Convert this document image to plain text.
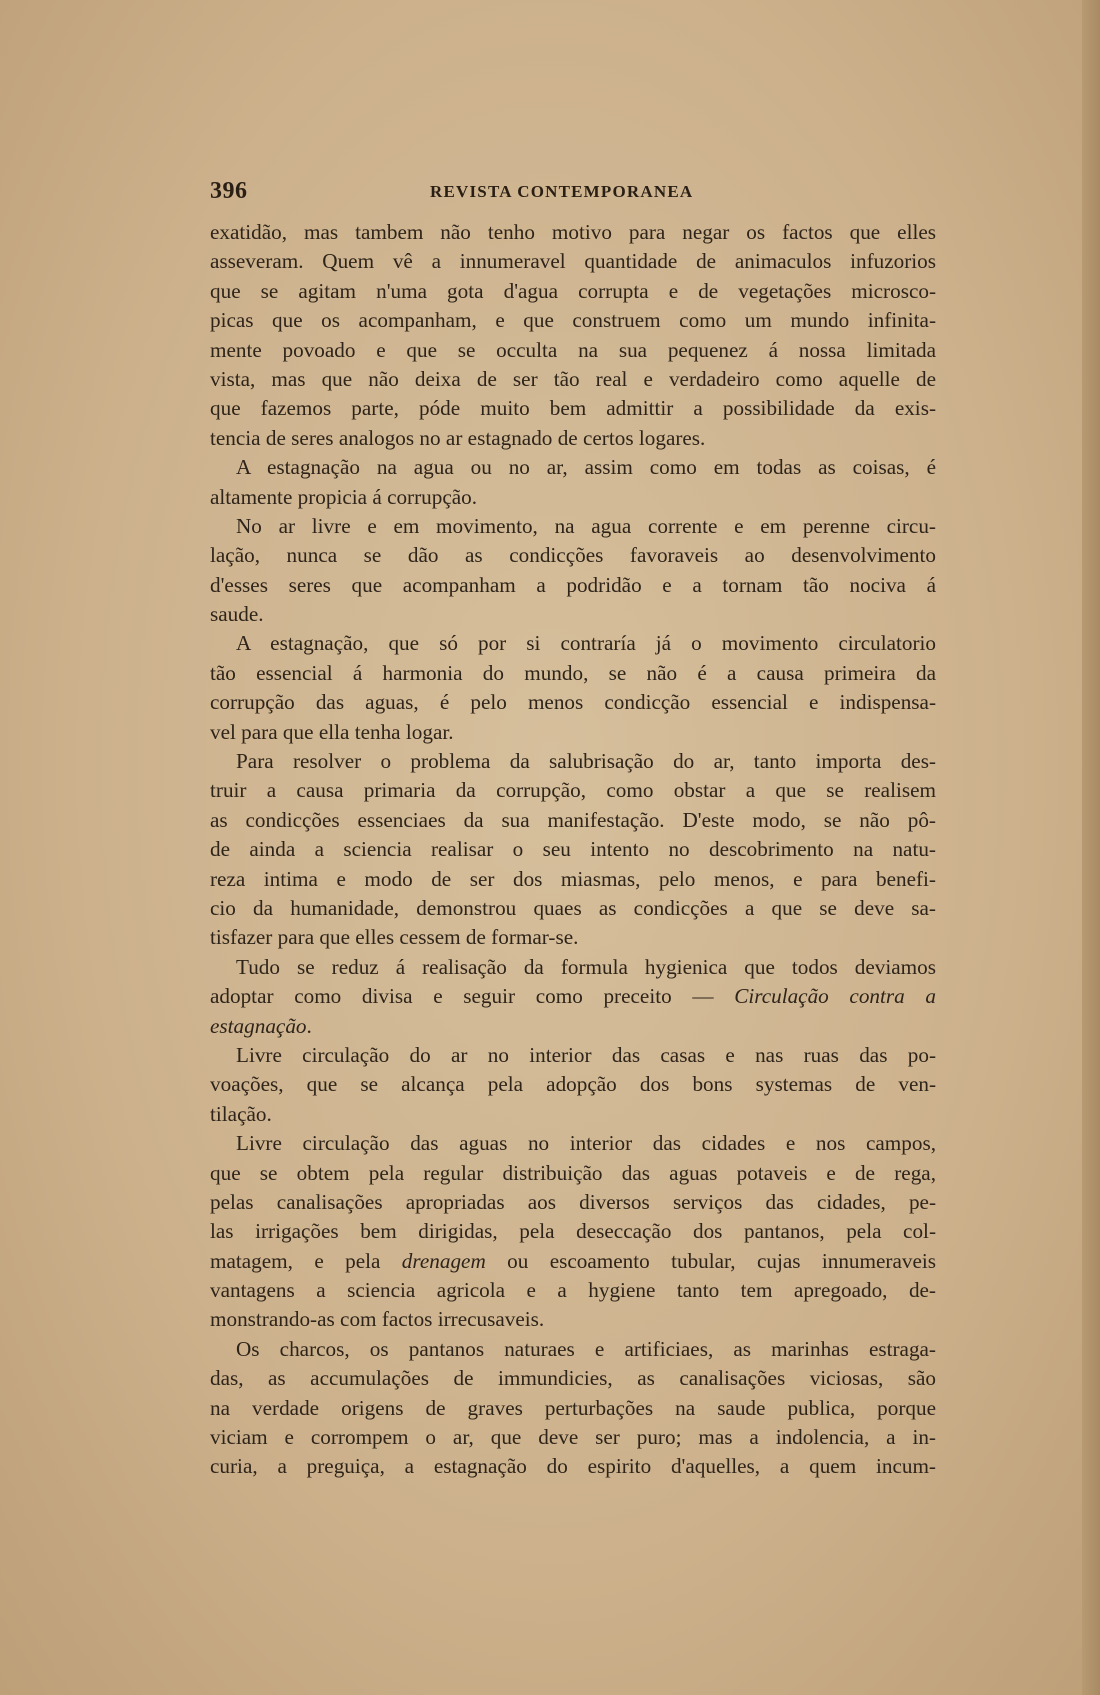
396	REVISTA CONTEMPORANEA
exatidão, mas tambem não tenho motivo para negar os factos que elles
asseveram. Quem vê a innumeravel quantidade de animaculos infuzorios
que se agitam n'uma gota d'agua corrupta e de vegetações microsco-
picas que os acompanham, e que construem como um mundo infinita-
mente povoado e que se occulta na sua pequenez á nossa limitada
vista, mas que não deixa de ser tão real e verdadeiro como aquelle de
que fazemos parte, póde muito bem admittir a possibilidade da exis-
tencia de seres analogos no ar estagnado de certos logares.
A estagnação na agua ou no ar, assim como em todas as coisas, é
altamente propicia á corrupção.
No ar livre e em movimento, na agua corrente e em perenne circu-
lação, nunca se dão as condicções favoraveis ao desenvolvimento
d'esses seres que acompanham a podridão e a tornam tão nociva á
saude.
A estagnação, que só por si contraría já o movimento circulatorio
tão essencial á harmonia do mundo, se não é a causa primeira da
corrupção das aguas, é pelo menos condicção essencial e indispensa-
vel para que ella tenha logar.
Para resolver o problema da salubrisação do ar, tanto importa des-
truir a causa primaria da corrupção, como obstar a que se realisem
as condicções essenciaes da sua manifestação. D'este modo, se não pô-
de ainda a sciencia realisar o seu intento no descobrimento na natu-
reza intima e modo de ser dos miasmas, pelo menos, e para benefi-
cio da humanidade, demonstrou quaes as condicções a que se deve sa-
tisfazer para que elles cessem de formar-se.
Tudo se reduz á realisação da formula hygienica que todos deviamos
adoptar como divisa e seguir como preceito — Circulação contra a
estagnação.
Livre circulação do ar no interior das casas e nas ruas das po-
voações, que se alcança pela adopção dos bons systemas de ven-
tilação.
Livre circulação das aguas no interior das cidades e nos campos,
que se obtem pela regular distribuição das aguas potaveis e de rega,
pelas canalisações apropriadas aos diversos serviços das cidades, pe-
las irrigações bem dirigidas, pela deseccação dos pantanos, pela col-
matagem, e pela drenagem ou escoamento tubular, cujas innumeraveis
vantagens a sciencia agricola e a hygiene tanto tem apregoado, de-
monstrando-as com factos irrecusaveis.
Os charcos, os pantanos naturaes e artificiaes, as marinhas estraga-
das, as accumulações de immundicies, as canalisações viciosas, são
na verdade origens de graves perturbações na saude publica, porque
viciam e corrompem o ar, que deve ser puro; mas a indolencia, a in-
curia, a preguiça, a estagnação do espirito d'aquelles, a quem incum-
